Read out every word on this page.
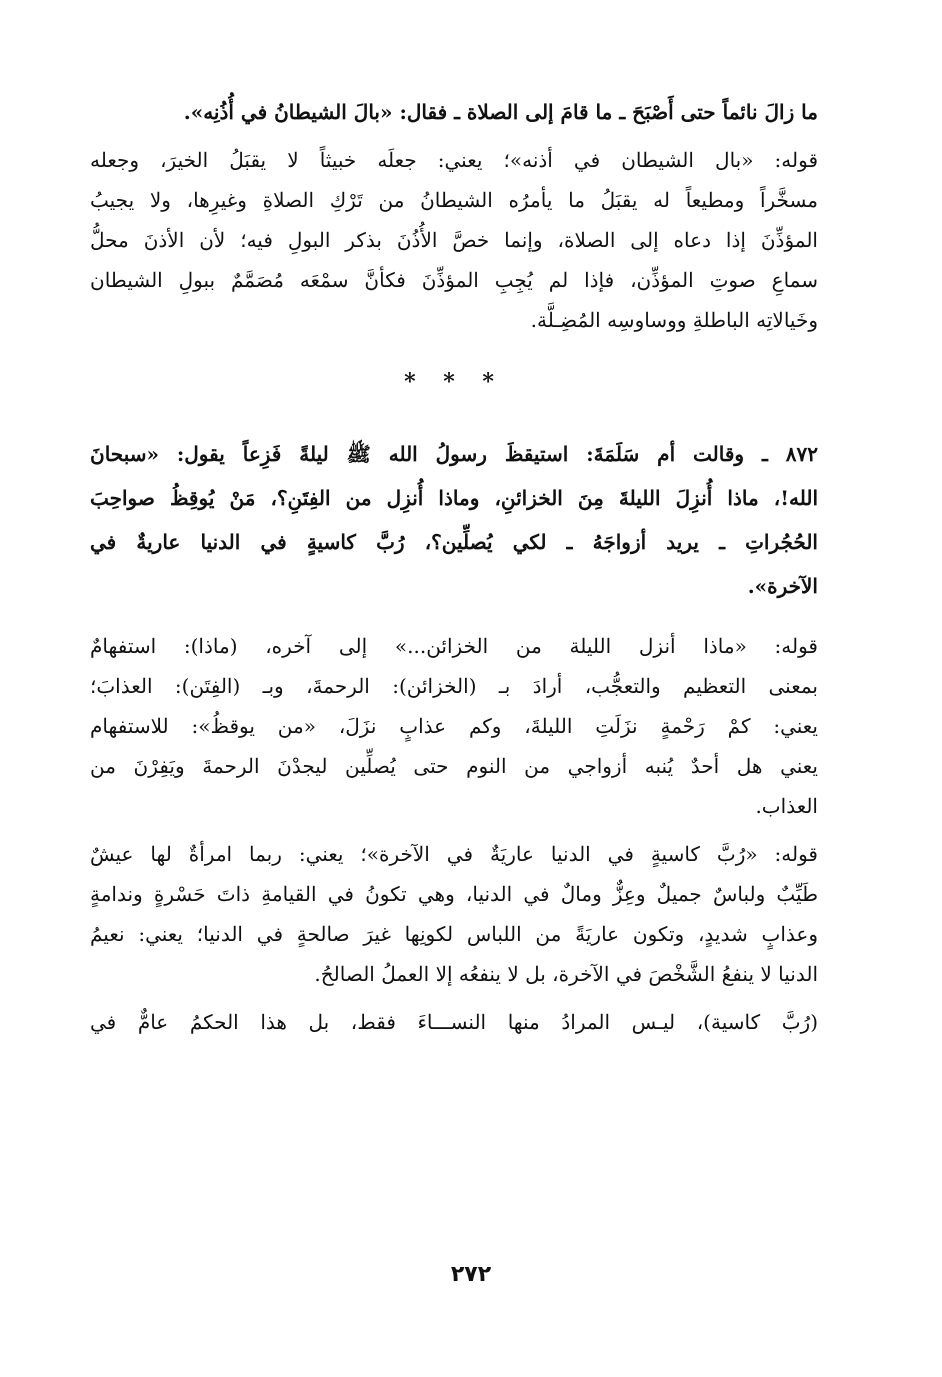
ما زالَ نائماً حتى أَصْبَحَ ـ ما قامَ إلى الصلاة ـ فقال: «بالَ الشيطانُ في أُذُنِه».
قوله: «بال الشيطان في أذنه»؛ يعني: جعلَه خبيثاً لا يقبَلُ الخيرَ، وجعله
مسخَّراً ومطيعاً له يقبَلُ ما يأمرُه الشيطانُ من تَرْكِ الصلاةِ وغيرِها، ولا يجيبُ
المؤذِّنَ إذا دعاه إلى الصلاة، وإنما خصَّ الأُذُنَ بذكر البولِ فيه؛ لأن الأذنَ محلُّ
سماعِ صوتِ المؤذِّن، فإذا لم يُجِبِ المؤذِّنَ فكأنَّ سمْعَه مُصَمَّمٌ ببولِ الشيطان
وخَيالاتِه الباطلةِ ووساوسِه المُضِـلَّة.
* * *
٨٧٢ ـ وقالت أم سَلَمَةَ: استيقظَ رسولُ الله ﷺ ليلةً فَزِعاً يقول: «سبحانَ
الله!، ماذا أُنزِلَ الليلةَ مِنَ الخزائنِ، وماذا أُنزِل من الفِتَنِ؟، مَنْ يُوقِظُ صواحِبَ
الحُجُراتِ ـ يريد أزواجَهُ ـ لكي يُصلِّين؟، رُبَّ كاسيةٍ في الدنيا عاريةٌ في
الآخرة».
قوله: «ماذا أنزل الليلة من الخزائن...» إلى آخره، (ماذا): استفهامٌ
بمعنى التعظيم والتعجُّب، أرادَ بـ (الخزائن): الرحمةَ، وبـ (الفِتَن): العذابَ؛
يعني: كمْ رَحْمةٍ نزَلَتِ الليلةَ، وكم عذابٍ نزَلَ، «من يوقظُ»: للاستفهام
يعني هل أحدٌ يُنبه أزواجي من النوم حتى يُصلِّين ليجدْنَ الرحمةَ ويَفِرْنَ من
العذاب.
قوله: «رُبَّ كاسيةٍ في الدنيا عاريَةٌ في الآخرة»؛ يعني: ربما امرأةٌ لها عيشٌ
طَيِّبٌ ولباسٌ جميلٌ وعِزٌّ ومالٌ في الدنيا، وهي تكونُ في القيامةِ ذاتَ حَسْرةٍ وندامةٍ
وعذابٍ شديدٍ، وتكون عاريَةً من اللباس لكونِها غيرَ صالحةٍ في الدنيا؛ يعني: نعيمُ
الدنيا لا ينفعُ الشَّخْصَ في الآخرة، بل لا ينفعُه إلا العملُ الصالحُ.
(رُبَّ كاسية)، ليـس المرادُ منها النســـاءَ فقط، بل هذا الحكمُ عامٌّ في
٢٧٢
